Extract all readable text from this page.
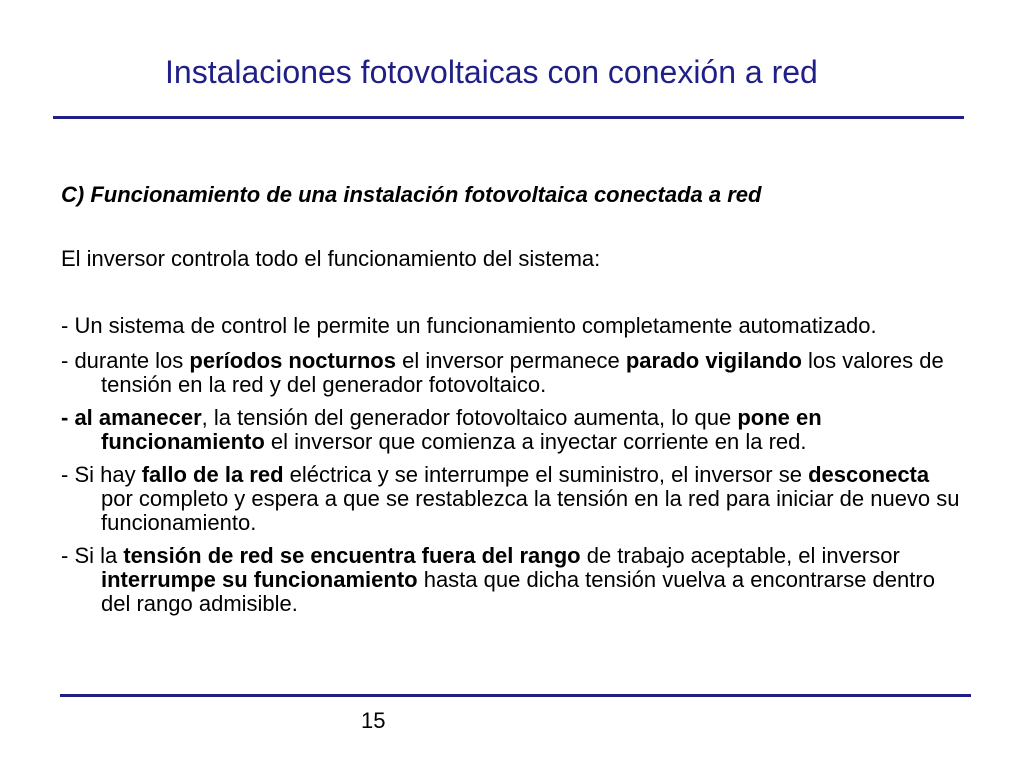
Instalaciones fotovoltaicas con conexión a red
C) Funcionamiento de una instalación fotovoltaica conectada a red
El inversor controla todo el funcionamiento del sistema:
- Un sistema de control le permite un funcionamiento completamente automatizado.
- durante los períodos nocturnos el inversor permanece parado vigilando los valores de tensión en la red y del generador fotovoltaico.
- al amanecer, la tensión del generador fotovoltaico aumenta, lo que pone en funcionamiento el inversor que comienza a inyectar corriente en la red.
- Si hay fallo de la red eléctrica y se interrumpe el suministro, el inversor se desconecta por completo y espera a que se restablezca la tensión en la red para iniciar de nuevo su funcionamiento.
- Si la tensión de red se encuentra fuera del rango de trabajo aceptable, el inversor interrumpe su funcionamiento hasta que dicha tensión vuelva a encontrarse dentro del rango admisible.
15
